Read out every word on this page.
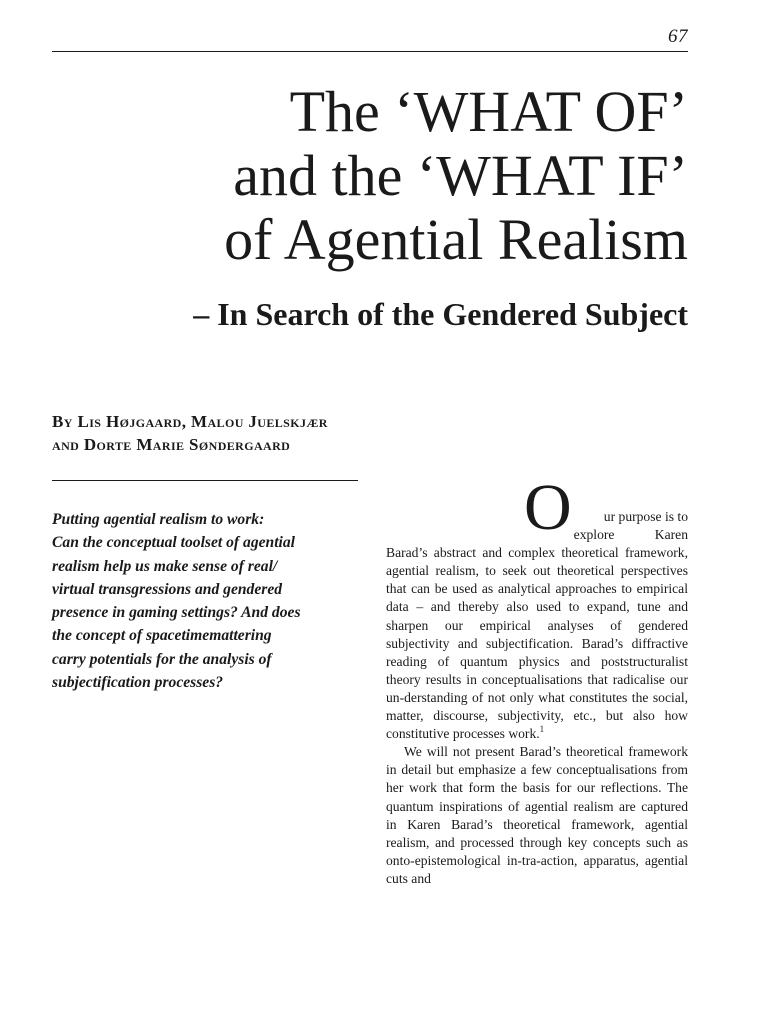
67
The ‘WHAT OF’
and the ‘WHAT IF’
of Agential Realism
– In Search of the Gendered Subject
By Lis Højgaard, Malou Juelskjær
and Dorte Marie Søndergaard
Putting agential realism to work:
Can the conceptual toolset of agential
realism help us make sense of real/
virtual transgressions and gendered
presence in gaming settings? And does
the concept of spacetimemattering
carry potentials for the analysis of
subjectification processes?

O ur purpose is to
explore Karen Barad’s abstract and complex theoretical framework, agential realism, to seek out theoretical perspectives that can be used as analytical approaches to empirical data – and thereby also used to expand, tune and sharpen our empirical analyses of gendered subjectivity and subjectification. Barad’s diffractive reading of quantum physics and poststructuralist theory results in conceptualisations that radicalise our un-derstanding of not only what constitutes the social, matter, discourse, subjectivity, etc., but also how constitutive processes work.$^1$

We will not present Barad’s theoretical framework in detail but emphasize a few conceptualisations from her work that form the basis for our reflections. The quantum inspirations of agential realism are captured in Karen Barad’s theoretical framework, agential realism, and processed through key concepts such as onto-epistemological in-tra-action, apparatus, agential cuts and
